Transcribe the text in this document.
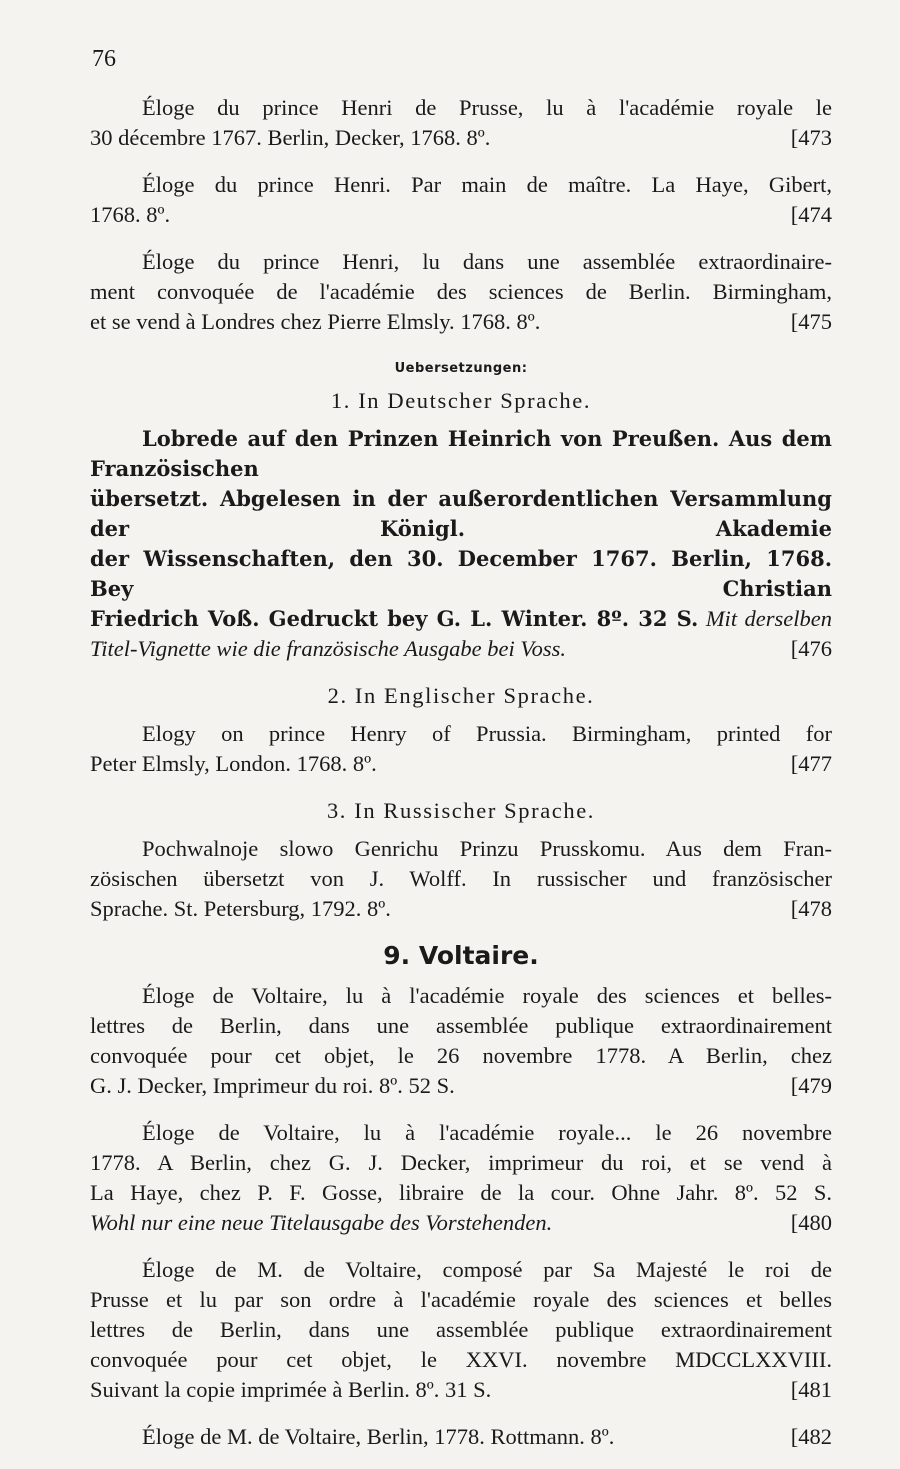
76
Éloge du prince Henri de Prusse, lu à l'académie royale le
30 décembre 1767. Berlin, Decker, 1768. 8º.	[473
Éloge du prince Henri. Par main de maître. La Haye, Gibert,
1768. 8º.	[474
Éloge du prince Henri, lu dans une assemblée extraordinaire-
ment convoquée de l'académie des sciences de Berlin. Birmingham,
et se vend à Londres chez Pierre Elmsly. 1768. 8º.	[475
Uebersetzungen:
1. In Deutscher Sprache.
Lobrede auf den Prinzen Heinrich von Preußen. Aus dem Französischen
übersetzt. Abgelesen in der außerordentlichen Versammlung der Königl. Akademie
der Wissenschaften, den 30. December 1767. Berlin, 1768. Bey Christian
Friedrich Voß. Gedruckt bey G. L. Winter. 8º. 32 S. Mit derselben
Titel-Vignette wie die französische Ausgabe bei Voss.	[476
2. In Englischer Sprache.
Elogy on prince Henry of Prussia. Birmingham, printed for
Peter Elmsly, London. 1768. 8º.	[477
3. In Russischer Sprache.
Pochwalnoje slowo Genrichu Prinzu Prusskomu. Aus dem Fran-
zösischen übersetzt von J. Wolff. In russischer und französischer
Sprache. St. Petersburg, 1792. 8º.	[478
9. Voltaire.
Éloge de Voltaire, lu à l'académie royale des sciences et belles-
lettres de Berlin, dans une assemblée publique extraordinairement
convoquée pour cet objet, le 26 novembre 1778. A Berlin, chez
G. J. Decker, Imprimeur du roi. 8º. 52 S.	[479
Éloge de Voltaire, lu à l'académie royale... le 26 novembre
1778. A Berlin, chez G. J. Decker, imprimeur du roi, et se vend à
La Haye, chez P. F. Gosse, libraire de la cour. Ohne Jahr. 8º. 52 S.
Wohl nur eine neue Titelausgabe des Vorstehenden.	[480
Éloge de M. de Voltaire, composé par Sa Majesté le roi de
Prusse et lu par son ordre à l'académie royale des sciences et belles
lettres de Berlin, dans une assemblée publique extraordinairement
convoquée pour cet objet, le XXVI. novembre MDCCLXXVIII.
Suivant la copie imprimée à Berlin. 8º. 31 S.	[481
Éloge de M. de Voltaire, Berlin, 1778. Rottmann. 8º.	[482
